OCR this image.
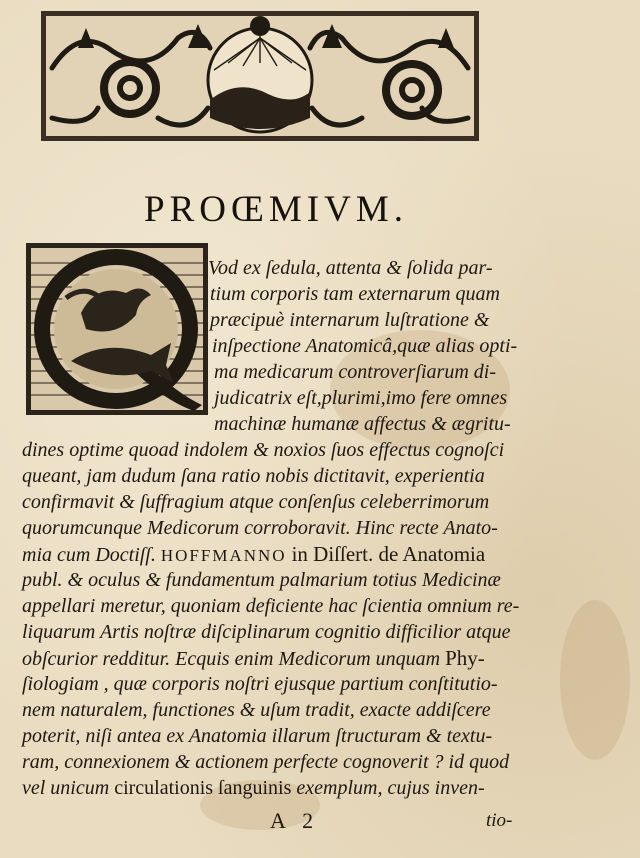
PROŒMIVM.
Vod ex ſedula, attenta & ſolida par-
tium corporis tam externarum quam
præcipuè internarum luſtratione &
inſpectione Anatomicâ,quæ alias opti-
ma medicarum controverſiarum di-
judicatrix eſt,plurimi,imo fere omnes
machinæ humanæ affectus & ægritu-
dines optime quoad indolem & noxios ſuos effectus cognoſci
queant, jam dudum ſana ratio nobis dictitavit, experientia
confirmavit & ſuffragium atque conſenſus celeberrimorum
quorumcunque Medicorum corroboravit. Hinc recte Anato-
mia cum Doctiſſ. HOFFMANNO in Diſſert. de Anatomia
publ. & oculus & fundamentum palmarium totius Medicinæ
appellari meretur, quoniam deficiente hac ſcientia omnium re-
liquarum Artis noſtræ diſciplinarum cognitio difficilior atque
obſcurior redditur. Ecquis enim Medicorum unquam Phy-
ſiologiam , quæ corporis noſtri ejusque partium conſtitutio-
nem naturalem, functiones & uſum tradit, exacte addiſcere
poterit, niſi antea ex Anatomia illarum ſtructuram & textu-
ram, connexionem & actionem perfecte cognoverit ? id quod
vel unicum circulationis ſanguinis exemplum, cujus inven-
A 2	tio-
